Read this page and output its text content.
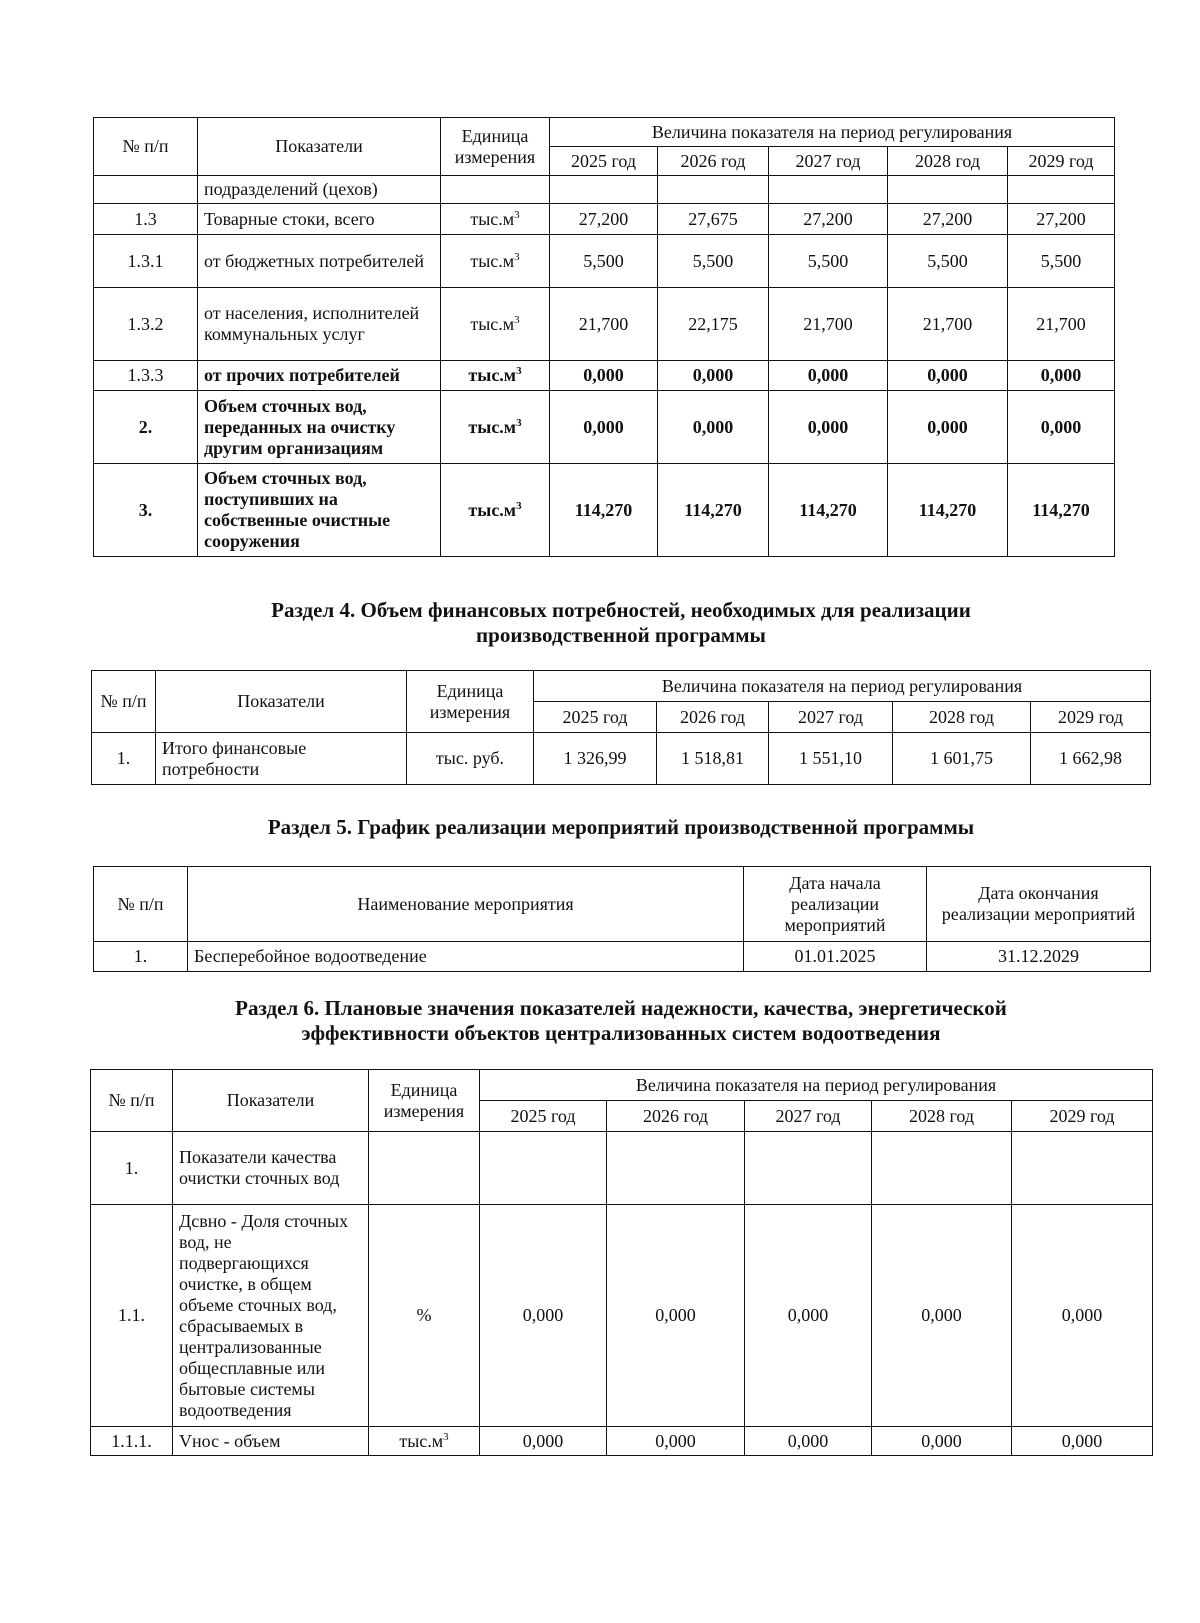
№ п/п	Показатели	Единица измерения	Величина показателя на период регулирования				
			2025 год	2026 год	2027 год	2028 год	2029 год
	подразделений (цехов)						
1.3	Товарные стоки, всего	$тыс.м^3$	27,200	27,675	27,200	27,200	27,200
1.3.1	от бюджетных потребителей	$тыс.м^3$	5,500	5,500	5,500	5,500	5,500
1.3.2	от населения, исполнителей коммунальных услуг	$тыс.м^3$	21,700	22,175	21,700	21,700	21,700
1.3.3	от прочих потребителей	$тыс.м^3$	0,000	0,000	0,000	0,000	0,000
2.	Объем сточных вод, переданных на очистку другим организациям	$тыс.м^3$	0,000	0,000	0,000	0,000	0,000
3.	Объем сточных вод, поступивших на собственные очистные сооружения	$тыс.м^3$	114,270	114,270	114,270	114,270	114,270
Раздел 4. Объем финансовых потребностей, необходимых для реализации
производственной программы
№ п/п	Показатели	Единица измерения	Величина показателя на период регулирования				
			2025 год	2026 год	2027 год	2028 год	2029 год
1.	Итого финансовые потребности	тыс. руб.	1 326,99	1 518,81	1 551,10	1 601,75	1 662,98
Раздел 5. График реализации мероприятий производственной программы
№ п/п	Наименование мероприятия	Дата начала реализации мероприятий	Дата окончания реализации мероприятий
1.	Бесперебойное водоотведение	01.01.2025	31.12.2029
Раздел 6. Плановые значения показателей надежности, качества, энергетической
эффективности объектов централизованных систем водоотведения
№ п/п	Показатели	Единица измерения	Величина показателя на период регулирования				
			2025 год	2026 год	2027 год	2028 год	2029 год
1.	Показатели качества очистки сточных вод						
1.1.	Дсвно - Доля сточных вод, не подвергающихся очистке, в общем объеме сточных вод, сбрасываемых в централизованные общесплавные или бытовые системы водоотведения	%	0,000	0,000	0,000	0,000	0,000
1.1.1.	Vнос - объем	$тыс.м^3$	0,000	0,000	0,000	0,000	0,000
